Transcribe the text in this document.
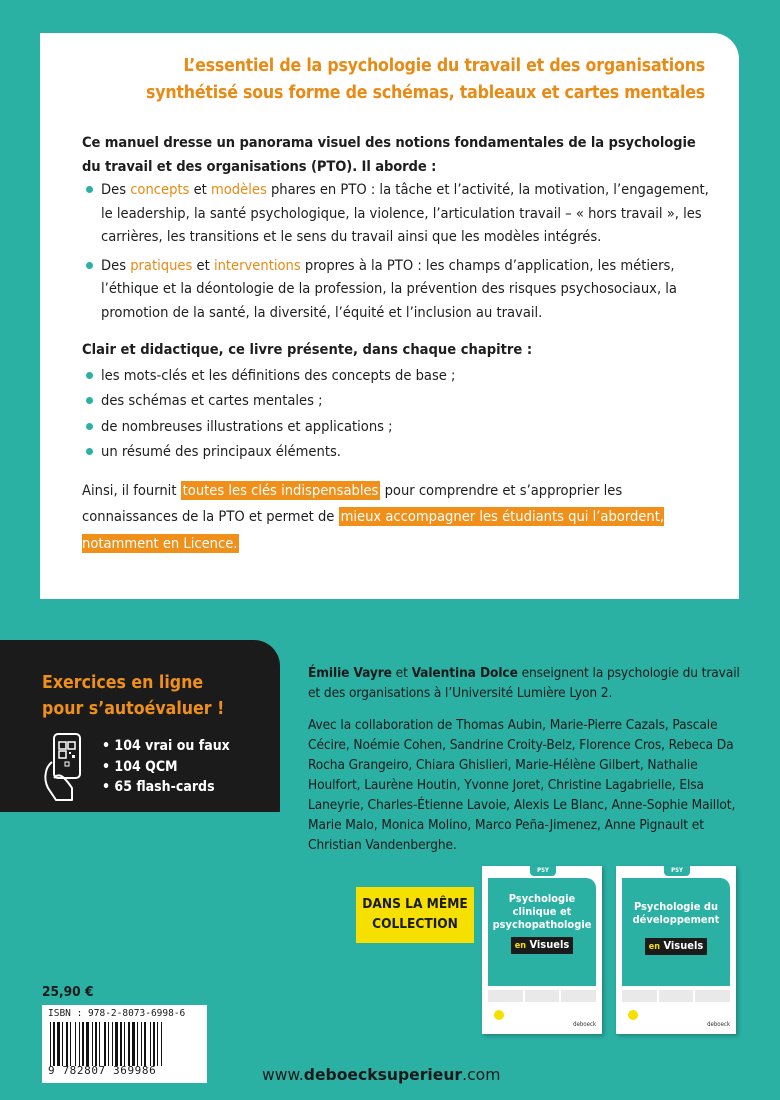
L’essentiel de la psychologie du travail et des organisations
synthétisé sous forme de schémas, tableaux et cartes mentales

Ce manuel dresse un panorama visuel des notions fondamentales de la psychologie du travail et des organisations (PTO). Il aborde :

Des concepts et modèles phares en PTO : la tâche et l’activité, la motivation, l’engagement, le leadership, la santé psychologique, la violence, l’articulation travail – « hors travail », les carrières, les transitions et le sens du travail ainsi que les modèles intégrés.
Des pratiques et interventions propres à la PTO : les champs d’application, les métiers, l’éthique et la déontologie de la profession, la prévention des risques psychosociaux, la promotion de la santé, la diversité, l’équité et l’inclusion au travail.

Clair et didactique, ce livre présente, dans chaque chapitre :

les mots-clés et les définitions des concepts de base ;
des schémas et cartes mentales ;
de nombreuses illustrations et applications ;
un résumé des principaux éléments.

Ainsi, il fournit toutes les clés indispensables pour comprendre et s’approprier les connaissances de la PTO et permet de mieux accompagner les étudiants qui l’abordent, notamment en Licence.

Exercices en ligne
pour s’autoévaluer !
• 104 vrai ou faux
• 104 QCM
• 65 flash-cards

Émilie Vayre et Valentina Dolce enseignent la psychologie du travail et des organisations à l’Université Lumière Lyon 2.

Avec la collaboration de Thomas Aubin, Marie-Pierre Cazals, Pascale Cécire, Noémie Cohen, Sandrine Croity-Belz, Florence Cros, Rebeca Da Rocha Grangeiro, Chiara Ghislieri, Marie-Hélène Gilbert, Nathalie Houlfort, Laurène Houtin, Yvonne Joret, Christine Lagabrielle, Elsa Laneyrie, Charles-Étienne Lavoie, Alexis Le Blanc, Anne-Sophie Maillot, Marie Malo, Monica Molino, Marco Peña-Jimenez, Anne Pignault et Christian Vandenberghe.

DANS LA MÊME
COLLECTION
PSY
Psychologie clinique et psychopathologie
en Visuels
deboeck
PSY
Psychologie du développement
en Visuels
deboeck
25,90 €
ISBN : 978-2-8073-6998-6
9 782807 369986	www.deboecksuperieur.com
